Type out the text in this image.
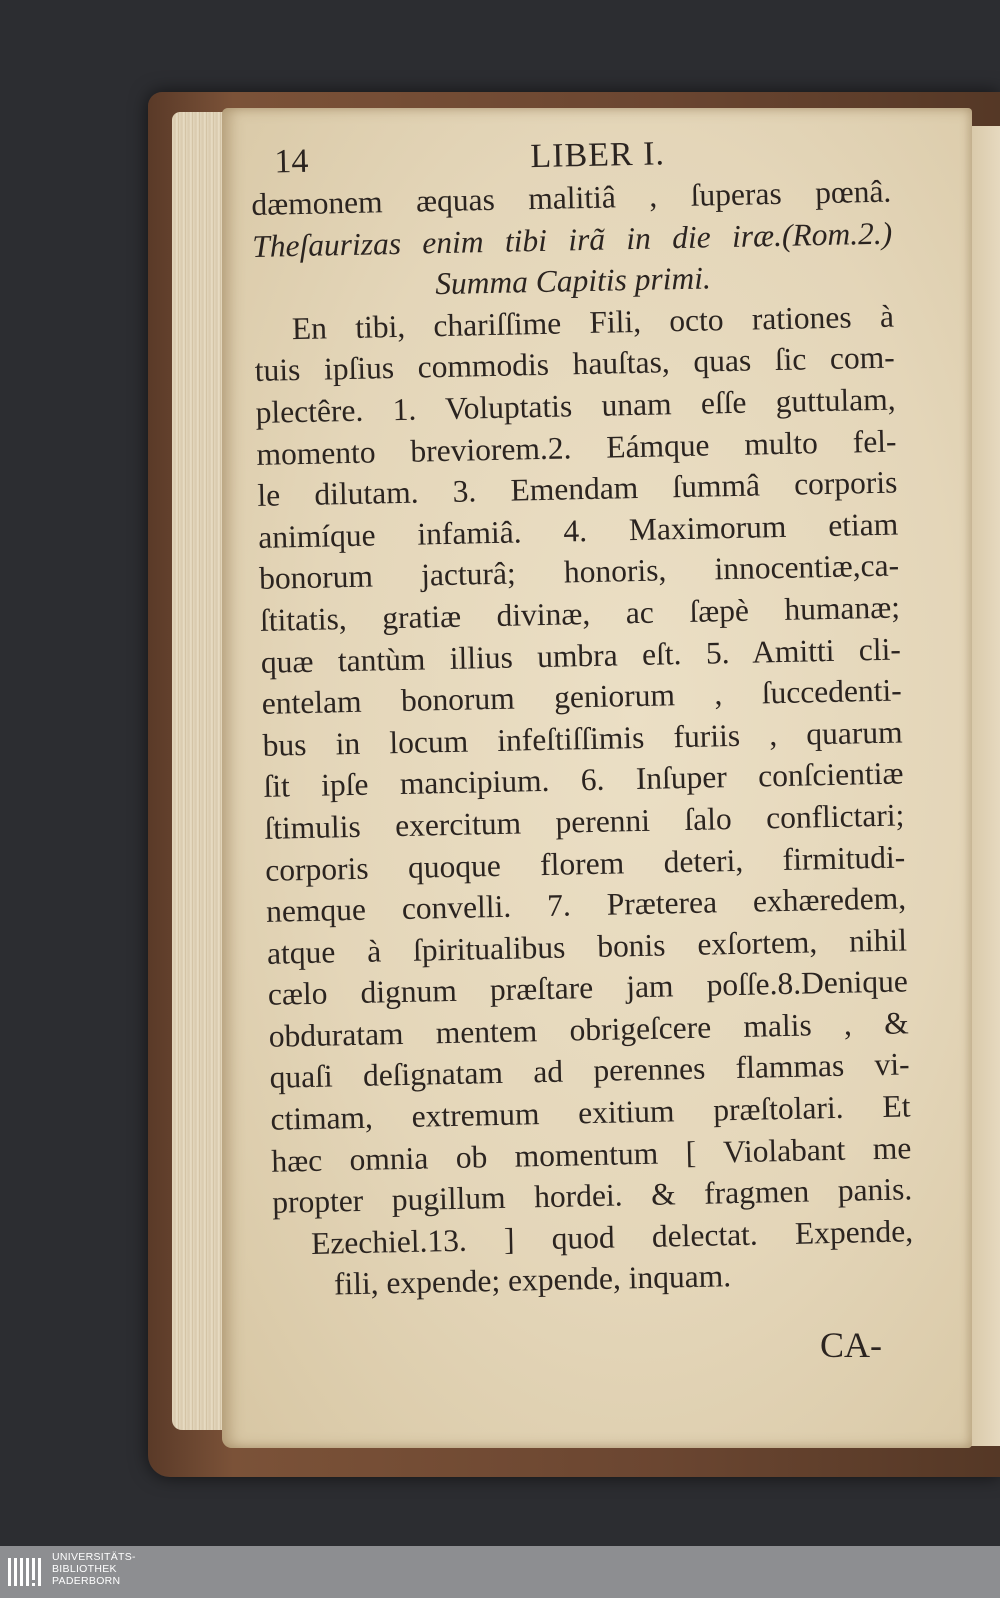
14	LIBER I.
dæmonem æquas malitiâ , ſuperas pœnâ.
Theſaurizas enim tibi irã in die iræ.(Rom.2.)
Summa Capitis primi.
En tibi, chariſſime Fili, octo rationes à
tuis ipſius commodis hauſtas, quas ſic com-
plectêre. 1. Voluptatis unam eſſe guttulam,
momento breviorem.2. Eámque multo fel-
le dilutam. 3. Emendam ſummâ corporis
animíque infamiâ. 4. Maximorum etiam
bonorum jacturâ; honoris, innocentiæ,ca-
ſtitatis, gratiæ divinæ, ac ſæpè humanæ;
quæ tantùm illius umbra eſt. 5. Amitti cli-
entelam bonorum geniorum , ſuccedenti-
bus in locum infeſtiſſimis furiis , quarum
ſit ipſe mancipium. 6. Inſuper conſcientiæ
ſtimulis exercitum perenni ſalo conflictari;
corporis quoque florem deteri, firmitudi-
nemque convelli. 7. Præterea exhæredem,
atque à ſpiritualibus bonis exſortem, nihil
cælo dignum præſtare jam poſſe.8.Denique
obduratam mentem obrigeſcere malis , &
quaſi deſignatam ad perennes flammas vi-
ctimam, extremum exitium præſtolari. Et
hæc omnia ob momentum [ Violabant me
propter pugillum hordei. & fragmen panis.
Ezechiel.13. ] quod delectat. Expende,
fili, expende; expende, inquam.
CA-
UNIVERSITÄTS-
BIBLIOTHEK
PADERBORN
